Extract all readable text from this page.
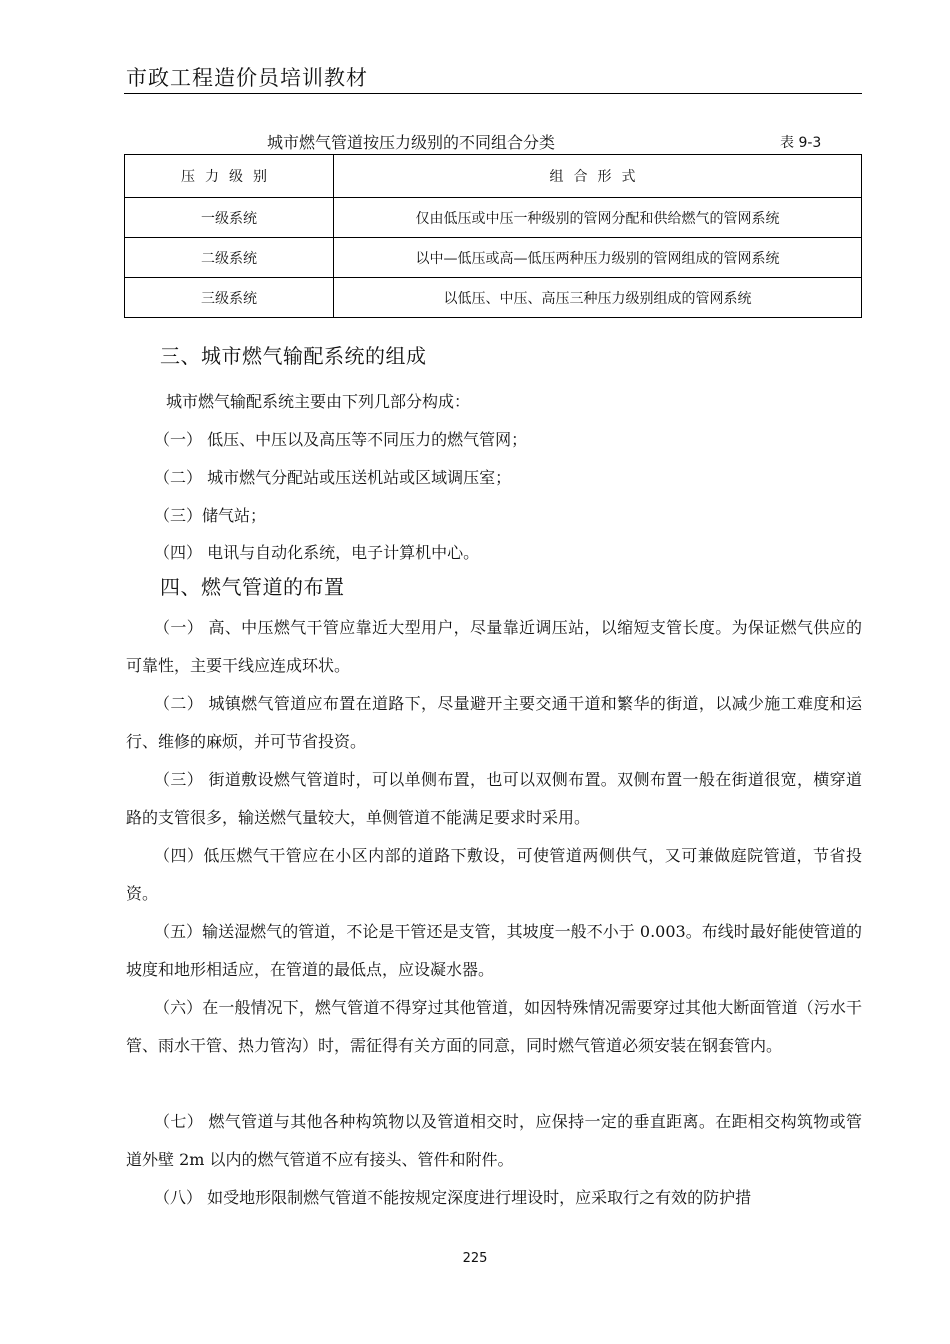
市政工程造价员培训教材
城市燃气管道按压力级别的不同组合分类	表 9-3
压力级别	组合形式
一级系统	仅由低压或中压一种级别的管网分配和供给燃气的管网系统
二级系统	以中—低压或高—低压两种压力级别的管网组成的管网系统
三级系统	以低压、中压、高压三种压力级别组成的管网系统
三、城市燃气输配系统的组成
城市燃气输配系统主要由下列几部分构成：
（一） 低压、中压以及高压等不同压力的燃气管网；
（二） 城市燃气分配站或压送机站或区域调压室；
（三）储气站；
（四） 电讯与自动化系统，电子计算机中心。
四、燃气管道的布置
（一） 高、中压燃气干管应靠近大型用户，尽量靠近调压站，以缩短支管长度。为保证燃气供应的可靠性，主要干线应连成环状。
（二） 城镇燃气管道应布置在道路下，尽量避开主要交通干道和繁华的街道，以减少施工难度和运行、维修的麻烦，并可节省投资。
（三） 街道敷设燃气管道时，可以单侧布置，也可以双侧布置。双侧布置一般在街道很宽，横穿道路的支管很多，输送燃气量较大，单侧管道不能满足要求时采用。
（四）低压燃气干管应在小区内部的道路下敷设，可使管道两侧供气，又可兼做庭院管道，节省投资。
（五）输送湿燃气的管道，不论是干管还是支管，其坡度一般不小于 0.003。布线时最好能使管道的坡度和地形相适应，在管道的最低点，应设凝水器。
（六）在一般情况下，燃气管道不得穿过其他管道，如因特殊情况需要穿过其他大断面管道（污水干管、雨水干管、热力管沟）时，需征得有关方面的同意，同时燃气管道必须安装在钢套管内。
（七） 燃气管道与其他各种构筑物以及管道相交时，应保持一定的垂直距离。在距相交构筑物或管道外壁 2m 以内的燃气管道不应有接头、管件和附件。
（八） 如受地形限制燃气管道不能按规定深度进行埋设时，应采取行之有效的防护措
225
